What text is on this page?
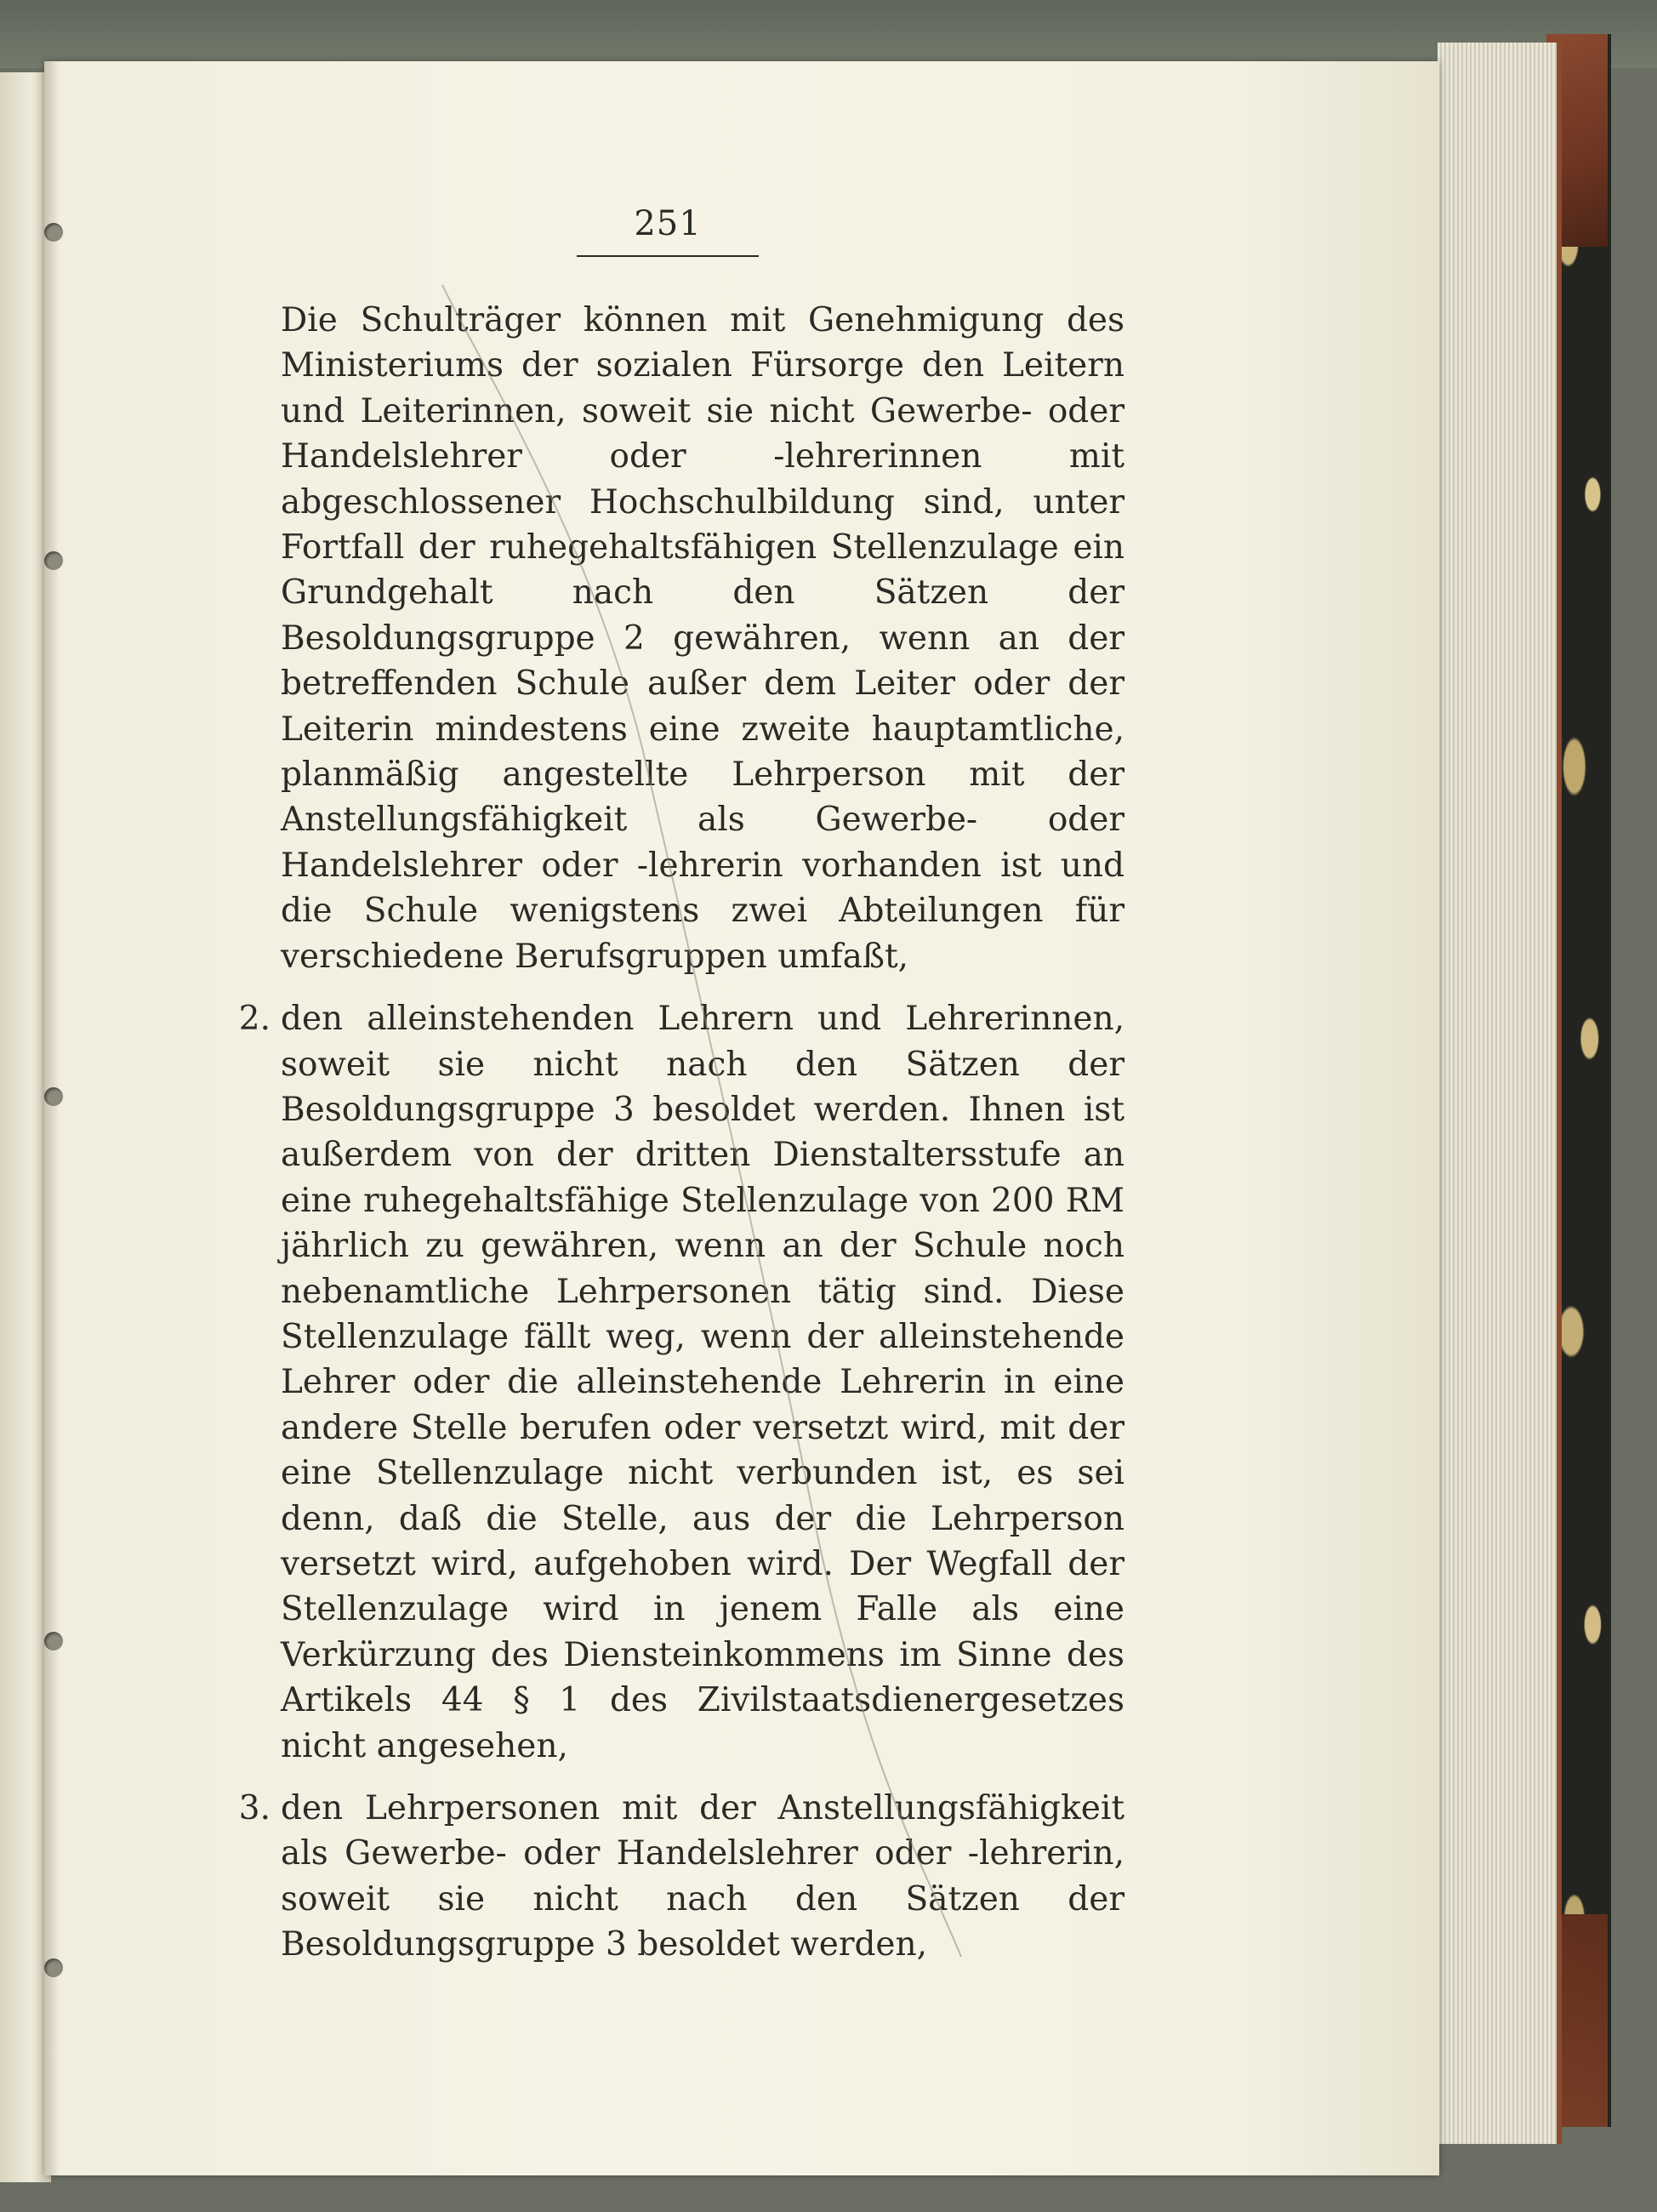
251

Die Schulträger können mit Genehmigung des Ministeriums der sozialen Fürsorge den Leitern und Leiterinnen, soweit sie nicht Gewerbe- oder Handelslehrer oder -lehrerinnen mit abgeschlossener Hochschulbildung sind, unter Fortfall der ruhegehaltsfähigen Stellenzulage ein Grundgehalt nach den Sätzen der Besoldungsgruppe 2 gewähren, wenn an der betreffenden Schule außer dem Leiter oder der Leiterin mindestens eine zweite hauptamtliche, planmäßig angestellte Lehrperson mit der Anstellungsfähigkeit als Gewerbe- oder Handelslehrer oder -lehrerin vorhanden ist und die Schule wenigstens zwei Abteilungen für verschiedene Berufsgruppen umfaßt,

2. den alleinstehenden Lehrern und Lehrerinnen, soweit sie nicht nach den Sätzen der Besoldungsgruppe 3 besoldet werden. Ihnen ist außerdem von der dritten Dienstaltersstufe an eine ruhegehaltsfähige Stellenzulage von 200 RM jährlich zu gewähren, wenn an der Schule noch nebenamtliche Lehrpersonen tätig sind. Diese Stellenzulage fällt weg, wenn der alleinstehende Lehrer oder die alleinstehende Lehrerin in eine andere Stelle berufen oder versetzt wird, mit der eine Stellenzulage nicht verbunden ist, es sei denn, daß die Stelle, aus der die Lehrperson versetzt wird, aufgehoben wird. Der Wegfall der Stellenzulage wird in jenem Falle als eine Verkürzung des Diensteinkommens im Sinne des Artikels 44 § 1 des Zivilstaatsdienergesetzes nicht angesehen,

3. den Lehrpersonen mit der Anstellungsfähigkeit als Gewerbe- oder Handelslehrer oder -lehrerin, soweit sie nicht nach den Sätzen der Besoldungsgruppe 3 besoldet werden,
